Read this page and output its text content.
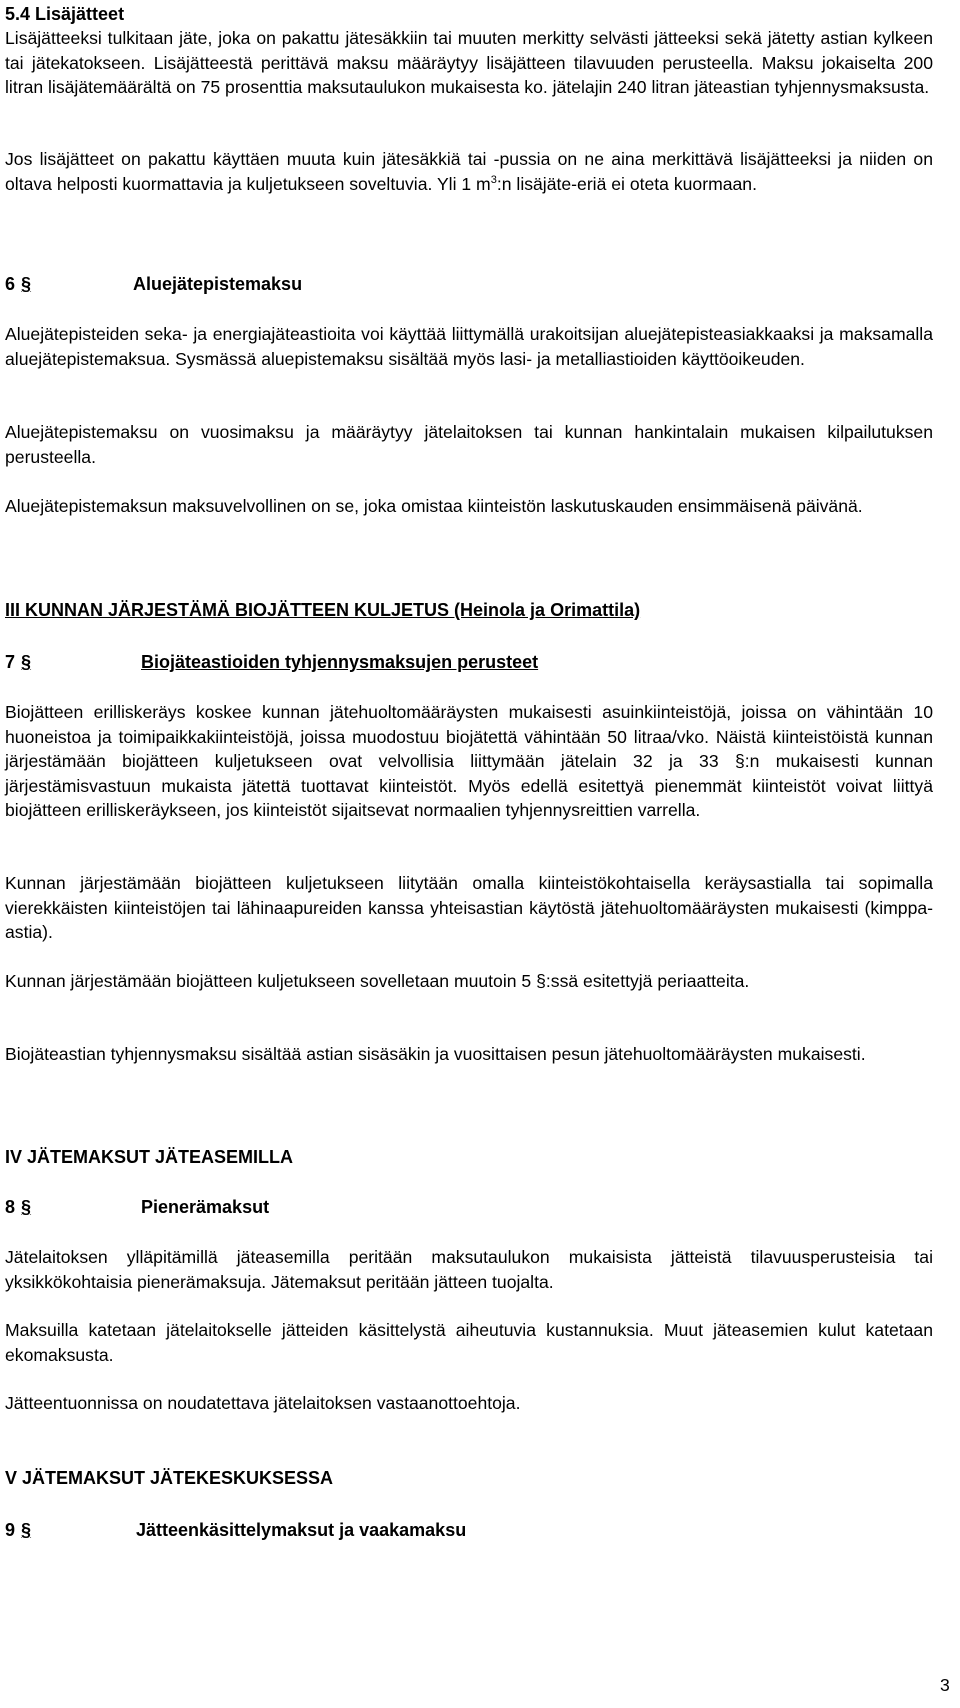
5.4 Lisäjätteet

Lisäjätteeksi tulkitaan jäte, joka on pakattu jätesäkkiin tai muuten merkitty selvästi jätteeksi sekä jätetty astian kylkeen tai jätekatokseen. Lisäjätteestä perittävä maksu määräytyy lisäjätteen tilavuuden perusteella. Maksu jokaiselta 200 litran lisäjätemäärältä on 75 prosenttia maksutaulukon mukaisesta ko. jätelajin 240 litran jäteastian tyhjennysmaksusta.

Jos lisäjätteet on pakattu käyttäen muuta kuin jätesäkkiä tai -pussia on ne aina merkittävä lisäjätteeksi ja niiden on oltava helposti kuormattavia ja kuljetukseen soveltuvia. Yli 1 $m^3:n$ lisäjäte-eriä ei oteta kuormaan.

6 §	Aluejätepistemaksu

Aluejätepisteiden seka- ja energiajäteastioita voi käyttää liittymällä urakoitsijan aluejätepisteasiakkaaksi ja maksamalla aluejätepistemaksua. Sysmässä aluepistemaksu sisältää myös lasi- ja metalliastioiden käyttöoikeuden.

Aluejätepistemaksu on vuosimaksu ja määräytyy jätelaitoksen tai kunnan hankintalain mukaisen kilpailutuksen perusteella.

Aluejätepistemaksun maksuvelvollinen on se, joka omistaa kiinteistön laskutuskauden ensimmäisenä päivänä.

III KUNNAN JÄRJESTÄMÄ BIOJÄTTEEN KULJETUS (Heinola ja Orimattila)
7 §	Biojäteastioiden tyhjennysmaksujen perusteet

Biojätteen erilliskeräys koskee kunnan jätehuoltomääräysten mukaisesti asuinkiinteistöjä, joissa on vähintään 10 huoneistoa ja toimipaikkakiinteistöjä, joissa muodostuu biojätettä vähintään 50 litraa/vko. Näistä kiinteistöistä kunnan järjestämään biojätteen kuljetukseen ovat velvollisia liittymään jätelain 32 ja 33 §:n mukaisesti kunnan järjestämisvastuun mukaista jätettä tuottavat kiinteistöt. Myös edellä esitettyä pienemmät kiinteistöt voivat liittyä biojätteen erilliskeräykseen, jos kiinteistöt sijaitsevat normaalien tyhjennysreittien varrella.

Kunnan järjestämään biojätteen kuljetukseen liitytään omalla kiinteistökohtaisella keräysastialla tai sopimalla vierekkäisten kiinteistöjen tai lähinaapureiden kanssa yhteisastian käytöstä jätehuoltomääräysten mukaisesti (kimppa-astia).

Kunnan järjestämään biojätteen kuljetukseen sovelletaan muutoin 5 §:ssä esitettyjä periaatteita.

Biojäteastian tyhjennysmaksu sisältää astian sisäsäkin ja vuosittaisen pesun jätehuoltomääräysten mukaisesti.

IV JÄTEMAKSUT JÄTEASEMILLA
8 §	Pienerämaksut

Jätelaitoksen ylläpitämillä jäteasemilla peritään maksutaulukon mukaisista jätteistä tilavuusperusteisia tai yksikkökohtaisia pienerämaksuja. Jätemaksut peritään jätteen tuojalta.

Maksuilla katetaan jätelaitokselle jätteiden käsittelystä aiheutuvia kustannuksia. Muut jäteasemien kulut katetaan ekomaksusta.

Jätteentuonnissa on noudatettava jätelaitoksen vastaanottoehtoja.

V JÄTEMAKSUT JÄTEKESKUKSESSA
9 §	Jätteenkäsittelymaksut ja vaakamaksu
3
